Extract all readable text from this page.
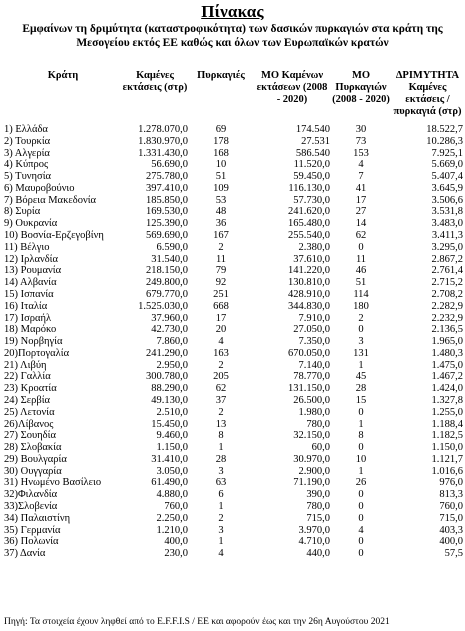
Πίνακας
Εμφαίνων τη δριμύτητα (καταστροφικότητα) των δασικών πυρκαγιών στα κράτη της
Μεσογείου εκτός ΕΕ καθώς και όλων των Ευρωπαϊκών κρατών
Κράτη	Καμένες εκτάσεις (στρ)	Πυρκαγιές	ΜΟ Καμένων εκτάσεων (2008 - 2020)	ΜΟ Πυρκαγιών (2008 - 2020)	ΔΡΙΜΥΤΗΤΑ Καμένες εκτάσεις / πυρκαγιά (στρ)
1) Ελλάδα	1.278.070,0	69	174.540	30	18.522,7
2) Τουρκία	1.830.970,0	178	27.531	73	10.286,3
3) Αλγερία	1.331.430,0	168	586.540	153	7.925,1
4) Κύπρος	56.690,0	10	11.520,0	4	5.669,0
5) Τυνησία	275.780,0	51	59.450,0	7	5.407,4
6) Μαυροβούνιο	397.410,0	109	116.130,0	41	3.645,9
7) Βόρεια Μακεδονία	185.850,0	53	57.730,0	17	3.506,6
8) Συρία	169.530,0	48	241.620,0	27	3.531,8
9) Ουκρανία	125.390,0	36	165.480,0	14	3.483,0
10) Βοσνία-Ερζεγοβίνη	569.690,0	167	255.540,0	62	3.411,3
11) Βέλγιο	6.590,0	2	2.380,0	0	3.295,0
12) Ιρλανδία	31.540,0	11	37.610,0	11	2.867,2
13) Ρουμανία	218.150,0	79	141.220,0	46	2.761,4
14) Αλβανία	249.800,0	92	130.810,0	51	2.715,2
15) Ισπανία	679.770,0	251	428.910,0	114	2.708,2
16) Ιταλία	1.525.030,0	668	344.830,0	180	2.282,9
17) Ισραήλ	37.960,0	17	7.910,0	2	2.232,9
18) Μαρόκο	42.730,0	20	27.050,0	0	2.136,5
19) Νορβηγία	7.860,0	4	7.350,0	3	1.965,0
20)Πορτογαλία	241.290,0	163	670.050,0	131	1.480,3
21) Λιβύη	2.950,0	2	7.140,0	1	1.475,0
22) Γαλλία	300.780,0	205	78.770,0	45	1.467,2
23) Κροατία	88.290,0	62	131.150,0	28	1.424,0
24) Σερβία	49.130,0	37	26.500,0	15	1.327,8
25) Λετονία	2.510,0	2	1.980,0	0	1.255,0
26)Λίβανος	15.450,0	13	780,0	1	1.188,4
27) Σουηδία	9.460,0	8	32.150,0	8	1.182,5
28) Σλοβακία	1.150,0	1	60,0	0	1.150,0
29) Βουλγαρία	31.410,0	28	30.970,0	10	1.121,7
30) Ουγγαρία	3.050,0	3	2.900,0	1	1.016,6
31) Ηνωμένο Βασίλειο	61.490,0	63	71.190,0	26	976,0
32)Φιλανδία	4.880,0	6	390,0	0	813,3
33)Σλοβενία	760,0	1	780,0	0	760,0
34) Παλαιστίνη	2.250,0	2	715,0	0	715,0
35) Γερμανία	1.210,0	3	3.970,0	4	403,3
36) Πολωνία	400,0	1	4.710,0	0	400,0
37) Δανία	230,0	4	440,0	0	57,5
Πηγή: Τα στοιχεία έχουν ληφθεί από το E.F.F.I.S / ΕΕ και αφορούν έως και την 26η Αυγούστου 2021
